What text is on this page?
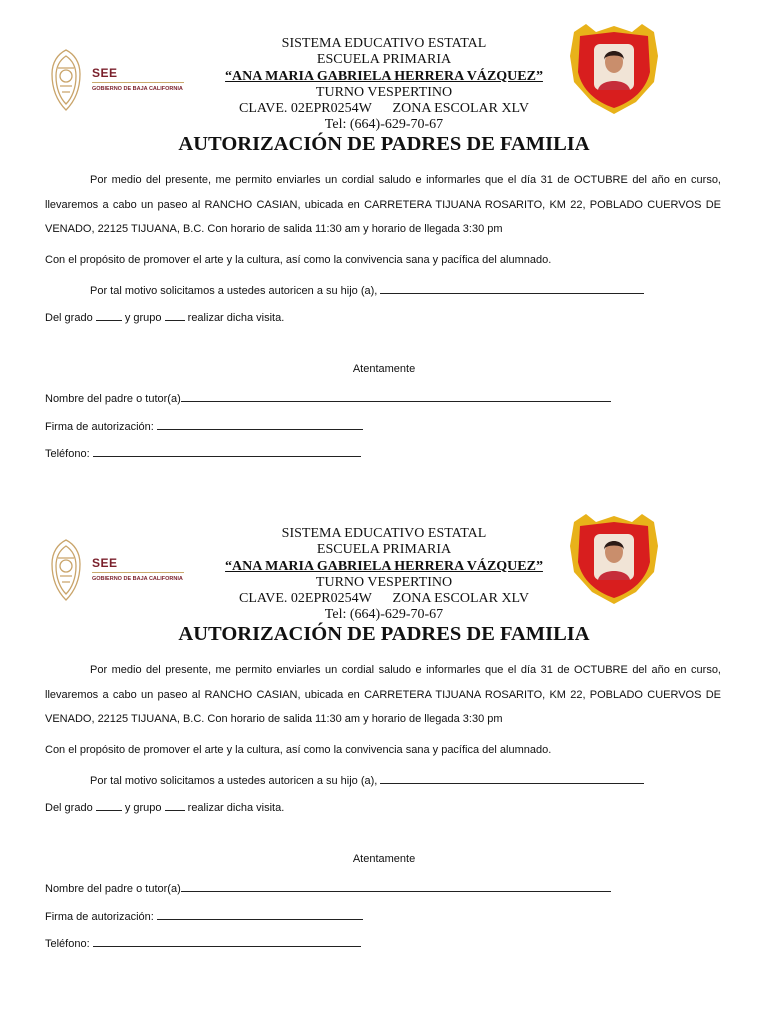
SEE
GOBIERNO DE BAJA CALIFORNIA
SISTEMA EDUCATIVO ESTATAL
ESCUELA PRIMARIA
“ANA MARIA GABRIELA HERRERA VÁZQUEZ”
TURNO VESPERTINO
CLAVE. 02EPR0254W      ZONA ESCOLAR XLV
Tel: (664)-629-70-67
AUTORIZACIÓN DE PADRES DE FAMILIA
Por medio del presente, me permito enviarles un cordial saludo e informarles que el día 31 de OCTUBRE del año en curso, llevaremos a cabo un paseo al RANCHO CASIAN, ubicada en CARRETERA TIJUANA ROSARITO, KM 22, POBLADO CUERVOS DE VENADO, 22125 TIJUANA, B.C. Con horario de salida 11:30 am y horario de llegada 3:30 pm
Con el propósito de promover el arte y la cultura, así como la convivencia sana y pacífica del alumnado.
Por tal motivo solicitamos a ustedes autoricen a su hijo (a),
Del grado	y grupo realizar dicha visita.
Atentamente
Nombre del padre o tutor(a)
Firma de autorización:
Teléfono:
SEE
GOBIERNO DE BAJA CALIFORNIA
SISTEMA EDUCATIVO ESTATAL
ESCUELA PRIMARIA
“ANA MARIA GABRIELA HERRERA VÁZQUEZ”
TURNO VESPERTINO
CLAVE. 02EPR0254W      ZONA ESCOLAR XLV
Tel: (664)-629-70-67
AUTORIZACIÓN DE PADRES DE FAMILIA
Por medio del presente, me permito enviarles un cordial saludo e informarles que el día 31 de OCTUBRE del año en curso, llevaremos a cabo un paseo al RANCHO CASIAN, ubicada en CARRETERA TIJUANA ROSARITO, KM 22, POBLADO CUERVOS DE VENADO, 22125 TIJUANA, B.C. Con horario de salida 11:30 am y horario de llegada 3:30 pm
Con el propósito de promover el arte y la cultura, así como la convivencia sana y pacífica del alumnado.
Por tal motivo solicitamos a ustedes autoricen a su hijo (a),
Del grado	y grupo realizar dicha visita.
Atentamente
Nombre del padre o tutor(a)
Firma de autorización:
Teléfono:
